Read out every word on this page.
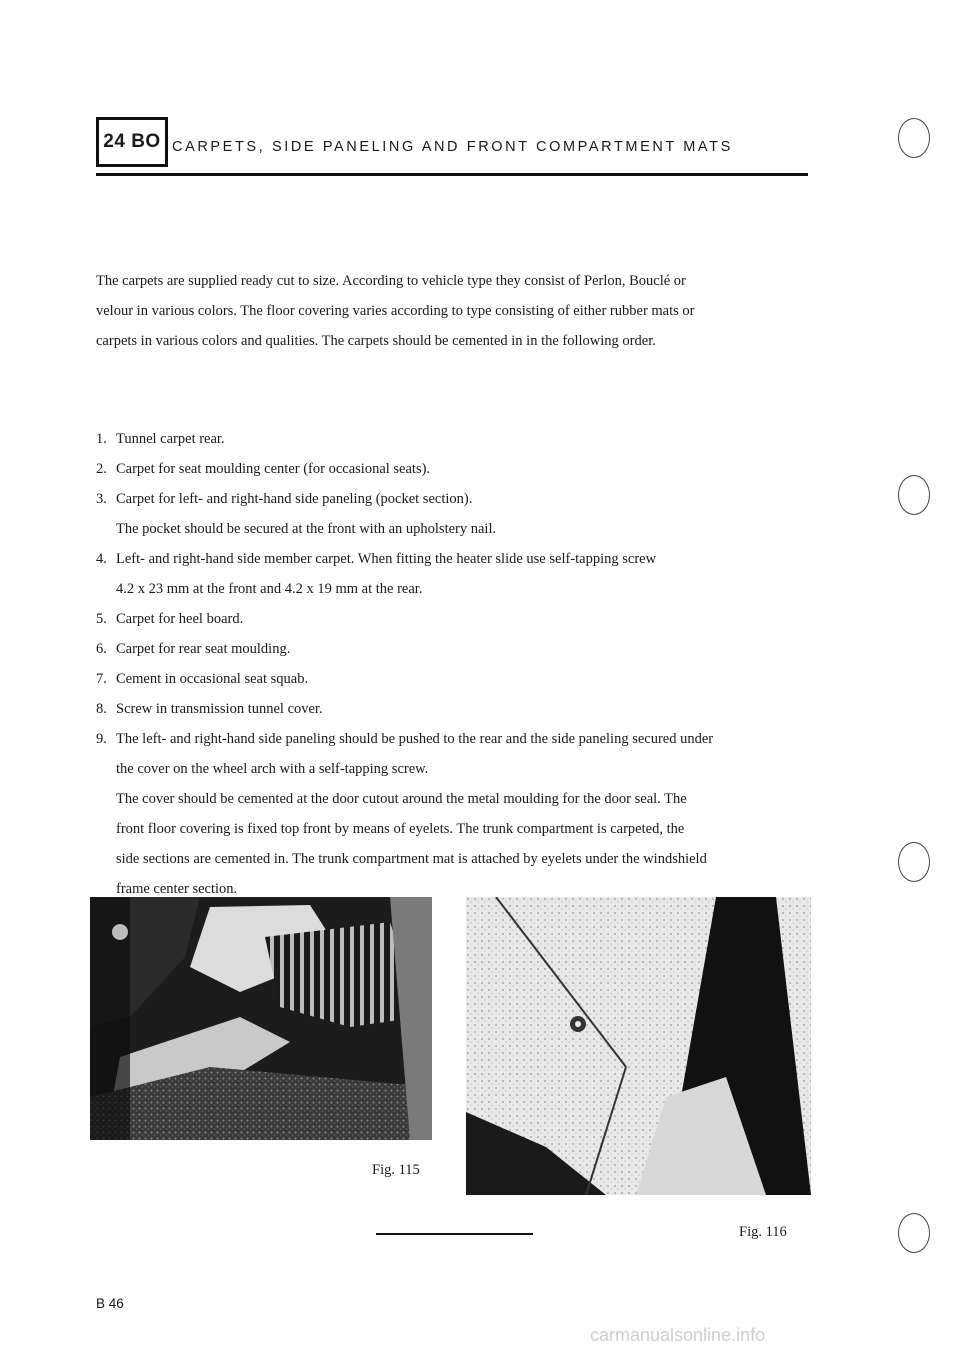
24 BO CARPETS, SIDE PANELING AND FRONT COMPARTMENT MATS
The carpets are supplied ready cut to size. According to vehicle type they consist of Perlon, Bouclé or
velour in various colors. The floor covering varies according to type consisting of either rubber mats or
carpets in various colors and qualities. The carpets should be cemented in in the following order.
1. Tunnel carpet rear.
2. Carpet for seat moulding center (for occasional seats).
3. Carpet for left- and right-hand side paneling (pocket section).
The pocket should be secured at the front with an upholstery nail.
4. Left- and right-hand side member carpet. When fitting the heater slide use self-tapping screw
4.2 x 23 mm at the front and 4.2 x 19 mm at the rear.
5. Carpet for heel board.
6. Carpet for rear seat moulding.
7. Cement in occasional seat squab.
8. Screw in transmission tunnel cover.
9. The left- and right-hand side paneling should be pushed to the rear and the side paneling secured under
the cover on the wheel arch with a self-tapping screw.
The cover should be cemented at the door cutout around the metal moulding for the door seal. The
front floor covering is fixed top front by means of eyelets. The trunk compartment is carpeted, the
side sections are cemented in. The trunk compartment mat is attached by eyelets under the windshield
frame center section.
Fig. 115
Fig. 116
B 46
carmanualsonline.info
